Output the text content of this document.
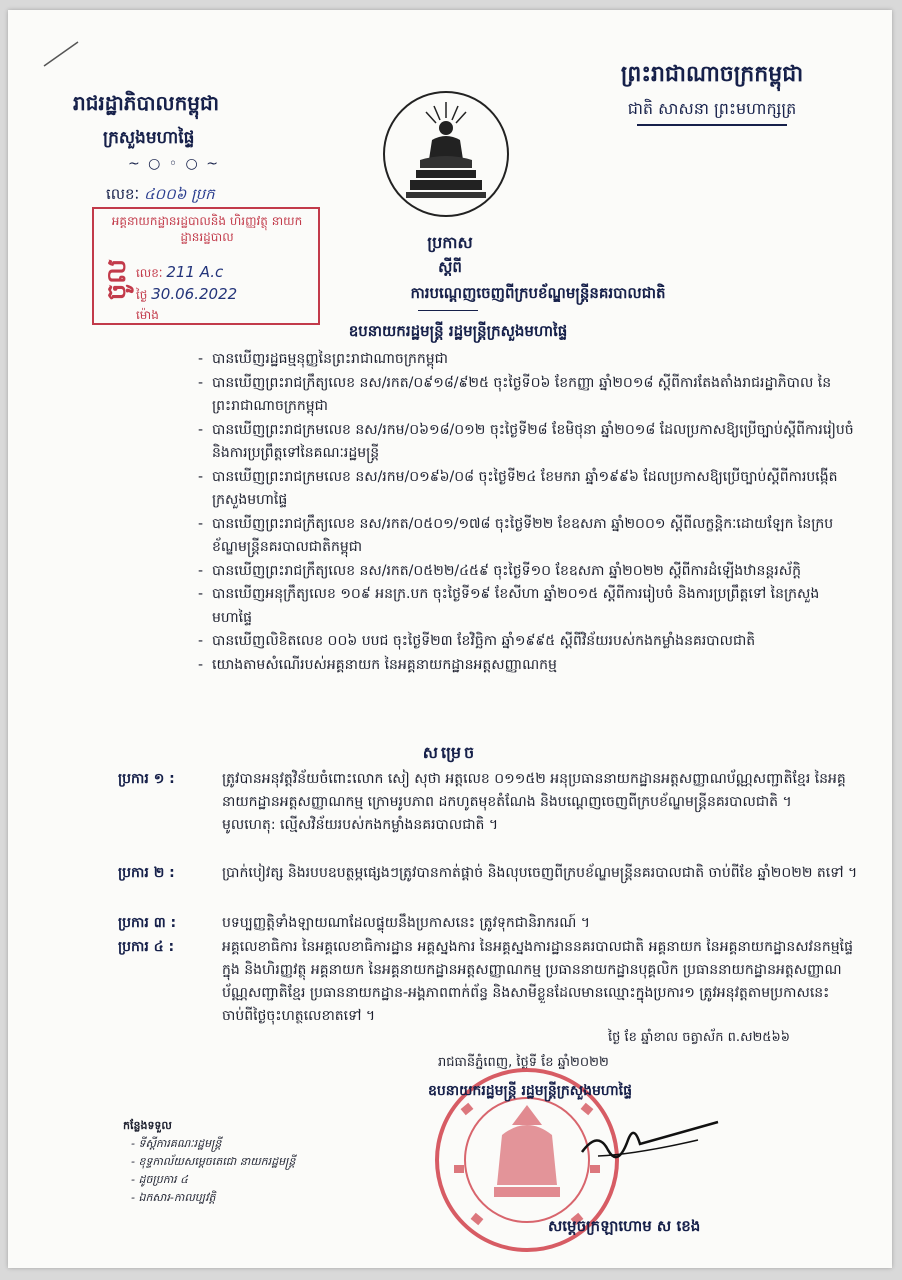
ព្រះរាជាណាចក្រកម្ពុជា
ជាតិ សាសនា ព្រះមហាក្សត្រ
រាជរដ្ឋាភិបាលកម្ពុជា
ក្រសួងមហាផ្ទៃ
~ ○ ◦ ○ ~
លេខៈ ៤០០៦ ប្រក
អគ្គនាយកដ្ឋានរដ្ឋបាលនិង ហិរញ្ញវត្ថុ នាយកដ្ឋានរដ្ឋបាល
ចូល លេខៈ 211 A.c
ថ្ងៃ 30.06.2022
ម៉ោង
ប្រកាស
ស្ដីពី
ការបណ្ដេញចេញពីក្របខ័ណ្ឌមន្ត្រីនគរបាលជាតិ
ឧបនាយករដ្ឋមន្ត្រី រដ្ឋមន្ត្រីក្រសួងមហាផ្ទៃ
- បានឃើញរដ្ឋធម្មនុញ្ញនៃព្រះរាជាណាចក្រកម្ពុជា
- បានឃើញព្រះរាជក្រឹត្យលេខ នស/រកត/០៩១៨/៩២៥ ចុះថ្ងៃទី០៦ ខែកញ្ញា ឆ្នាំ២០១៨ ស្ដីពីការតែងតាំងរាជរដ្ឋាភិបាល នៃព្រះរាជាណាចក្រកម្ពុជា
- បានឃើញព្រះរាជក្រមលេខ នស/រកម/០៦១៨/០១២ ចុះថ្ងៃទី២៨ ខែមិថុនា ឆ្នាំ២០១៨ ដែលប្រកាសឱ្យប្រើច្បាប់ស្ដីពីការរៀបចំ និងការប្រព្រឹត្តទៅនៃគណៈរដ្ឋមន្ត្រី
- បានឃើញព្រះរាជក្រមលេខ នស/រកម/០១៩៦/០៨ ចុះថ្ងៃទី២៤ ខែមករា ឆ្នាំ១៩៩៦ ដែលប្រកាសឱ្យប្រើច្បាប់ស្ដីពីការបង្កើតក្រសួងមហាផ្ទៃ
- បានឃើញព្រះរាជក្រឹត្យលេខ នស/រកត/០៥០១/១៧៨ ចុះថ្ងៃទី២២ ខែឧសភា ឆ្នាំ២០០១ ស្ដីពីលក្ខន្តិកៈដោយឡែក នៃក្របខ័ណ្ឌមន្ត្រីនគរបាលជាតិកម្ពុជា
- បានឃើញព្រះរាជក្រឹត្យលេខ នស/រកត/០៥២២/៤៥៩ ចុះថ្ងៃទី១០ ខែឧសភា ឆ្នាំ២០២២ ស្ដីពីការដំឡើងឋានន្តរស័ក្តិ
- បានឃើញអនុក្រឹត្យលេខ ១០៩ អនក្រ.បក ចុះថ្ងៃទី១៩ ខែសីហា ឆ្នាំ២០១៥ ស្ដីពីការរៀបចំ និងការប្រព្រឹត្តទៅ នៃក្រសួងមហាផ្ទៃ
- បានឃើញលិខិតលេខ ០០៦ បបជ ចុះថ្ងៃទី២៣ ខែវិច្ឆិកា ឆ្នាំ១៩៩៥ ស្ដីពីវិន័យរបស់កងកម្លាំងនគរបាលជាតិ
- យោងតាមសំណើរបស់អគ្គនាយក នៃអគ្គនាយកដ្ឋានអត្តសញ្ញាណកម្ម
សម្រេច
ប្រការ ១ :	ត្រូវបានអនុវត្តវិន័យចំពោះលោក សៀ សុថា អត្តលេខ ០១១៥២ អនុប្រធាននាយកដ្ឋានអត្តសញ្ញាណប័ណ្ណសញ្ជាតិខ្មែរ នៃអគ្គនាយកដ្ឋានអត្តសញ្ញាណកម្ម ក្រោមរូបភាព ដកហូតមុខតំណែង និងបណ្ដេញចេញពីក្របខ័ណ្ឌមន្ត្រីនគរបាលជាតិ ។
មូលហេតុ: ល្មើសវិន័យរបស់កងកម្លាំងនគរបាលជាតិ ។
ប្រការ ២ :	ប្រាក់បៀវត្ស និងរបបឧបត្ថម្ភផ្សេងៗត្រូវបានកាត់ផ្ដាច់ និងលុបចេញពីក្របខ័ណ្ឌមន្ត្រីនគរបាលជាតិ ចាប់ពីខែ ឆ្នាំ២០២២ តទៅ ។
ប្រការ ៣ :	បទប្បញ្ញត្តិទាំងឡាយណាដែលផ្ទុយនឹងប្រកាសនេះ ត្រូវទុកជានិរាករណ៍ ។
ប្រការ ៤ :	អគ្គលេខាធិការ នៃអគ្គលេខាធិការដ្ឋាន អគ្គស្នងការ នៃអគ្គស្នងការដ្ឋាននគរបាលជាតិ អគ្គនាយក នៃអគ្គនាយកដ្ឋានសវនកម្មផ្ទៃក្នុង និងហិរញ្ញវត្ថុ អគ្គនាយក នៃអគ្គនាយកដ្ឋានអត្តសញ្ញាណកម្ម ប្រធាននាយកដ្ឋានបុគ្គលិក ប្រធាននាយកដ្ឋានអត្តសញ្ញាណប័ណ្ណសញ្ជាតិខ្មែរ ប្រធាននាយកដ្ឋាន-អង្គភាពពាក់ព័ន្ធ និងសាមីខ្លួនដែលមានឈ្មោះក្នុងប្រការ១ ត្រូវអនុវត្តតាមប្រកាសនេះ ចាប់ពីថ្ងៃចុះហត្ថលេខាតទៅ ។
ថ្ងៃ ខែ ឆ្នាំខាល ចត្វាស័ក ព.ស២៥៦៦
រាជធានីភ្នំពេញ, ថ្ងៃទី ខែ ឆ្នាំ២០២២
ឧបនាយករដ្ឋមន្ត្រី រដ្ឋមន្ត្រីក្រសួងមហាផ្ទៃ
សម្ដេចក្រឡាហោម ស ខេង
កន្លែងទទួល
- ទីស្ដីការគណៈរដ្ឋមន្ត្រី
- ខុទ្ទកាល័យសម្ដេចតេជោ នាយករដ្ឋមន្ត្រី
- ដូចប្រការ ៤
- ឯកសារ-កាលប្បវត្តិ
